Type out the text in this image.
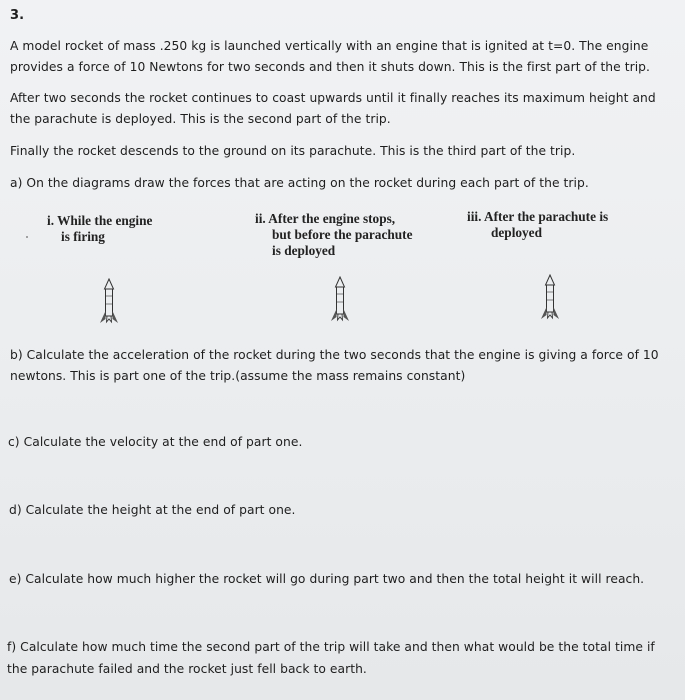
3.

A model rocket of mass .250 kg is launched vertically with an engine that is ignited at t=0. The engine

provides a force of 10 Newtons for two seconds and then it shuts down. This is the first part of the trip.

After two seconds the rocket continues to coast upwards until it finally reaches its maximum height and

the parachute is deployed. This is the second part of the trip.

Finally the rocket descends to the ground on its parachute. This is the third part of the trip.

a) On the diagrams draw the forces that are acting on the rocket during each part of the trip.

i. While the engine

is firing

ii. After the engine stops,

but before the parachute

is deployed

iii. After the parachute is

deployed

b) Calculate the acceleration of the rocket during the two seconds that the engine is giving a force of 10

newtons. This is part one of the trip.(assume the mass remains constant)

c) Calculate the velocity at the end of part one.

d) Calculate the height at the end of part one.

e) Calculate how much higher the rocket will go during part two and then the total height it will reach.

f) Calculate how much time the second part of the trip will take and then what would be the total time if

the parachute failed and the rocket just fell back to earth.
